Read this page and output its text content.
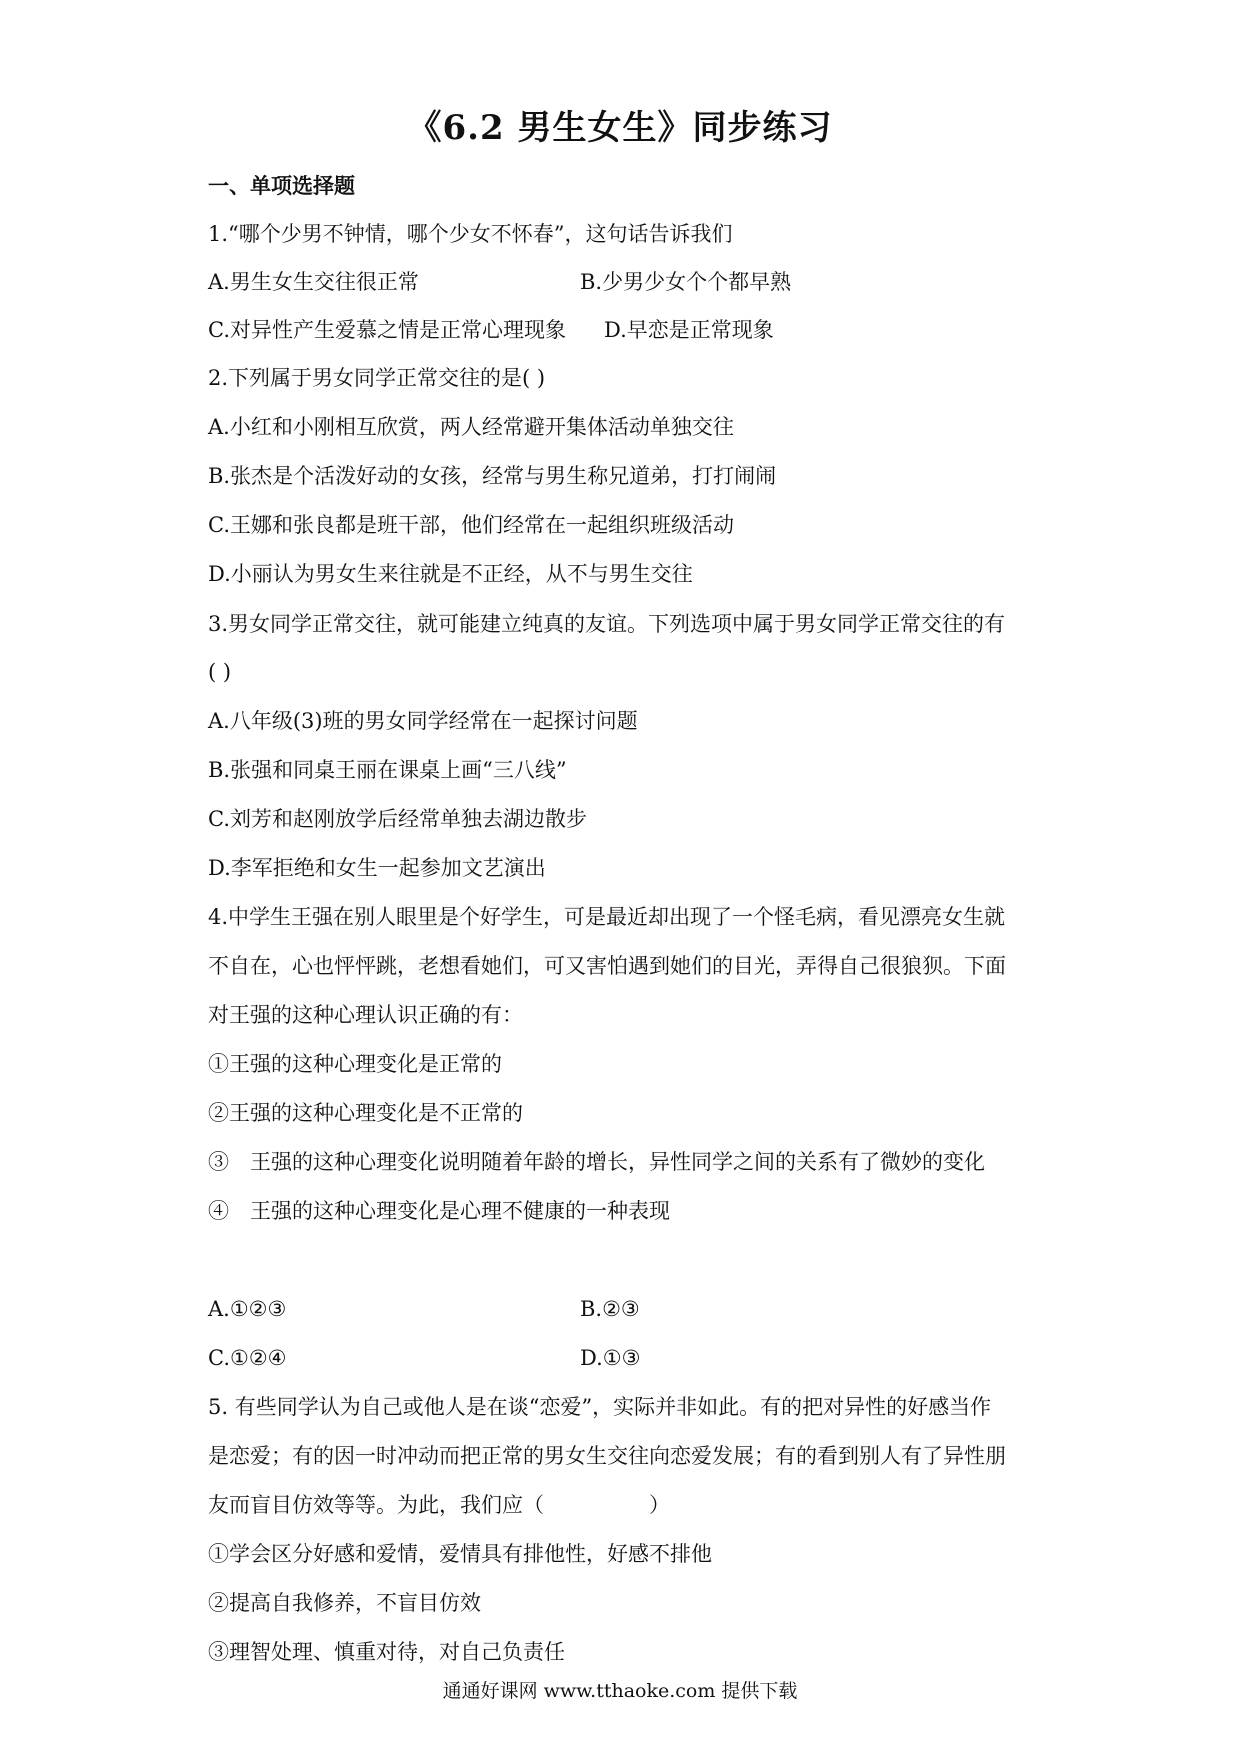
《6.2 男生女生》同步练习
一、单项选择题
1.“哪个少男不钟情，哪个少女不怀春”，这句话告诉我们
A.男生女生交往很正常	B.少男少女个个都早熟
C.对异性产生爱慕之情是正常心理现象 D.早恋是正常现象
2.下列属于男女同学正常交往的是( )
A.小红和小刚相互欣赏，两人经常避开集体活动单独交往
B.张杰是个活泼好动的女孩，经常与男生称兄道弟，打打闹闹
C.王娜和张良都是班干部，他们经常在一起组织班级活动
D.小丽认为男女生来往就是不正经，从不与男生交往
3.男女同学正常交往，就可能建立纯真的友谊。下列选项中属于男女同学正常交往的有
( )
A.八年级(3)班的男女同学经常在一起探讨问题
B.张强和同桌王丽在课桌上画“三八线”
C.刘芳和赵刚放学后经常单独去湖边散步
D.李军拒绝和女生一起参加文艺演出
4.中学生王强在别人眼里是个好学生，可是最近却出现了一个怪毛病，看见漂亮女生就
不自在，心也怦怦跳，老想看她们，可又害怕遇到她们的目光，弄得自己很狼狈。下面
对王强的这种心理认识正确的有：
①王强的这种心理变化是正常的
②王强的这种心理变化是不正常的
③　王强的这种心理变化说明随着年龄的增长，异性同学之间的关系有了微妙的变化
④　王强的这种心理变化是心理不健康的一种表现
A.①②③	B.②③
C.①②④	D.①③
5. 有些同学认为自己或他人是在谈“恋爱”，实际并非如此。有的把对异性的好感当作
是恋爱；有的因一时冲动而把正常的男女生交往向恋爱发展；有的看到别人有了异性朋
友而盲目仿效等等。为此，我们应（　　　　　）
①学会区分好感和爱情，爱情具有排他性，好感不排他
②提高自我修养，不盲目仿效
③理智处理、慎重对待，对自己负责任
通通好课网 www.tthaoke.com 提供下载
